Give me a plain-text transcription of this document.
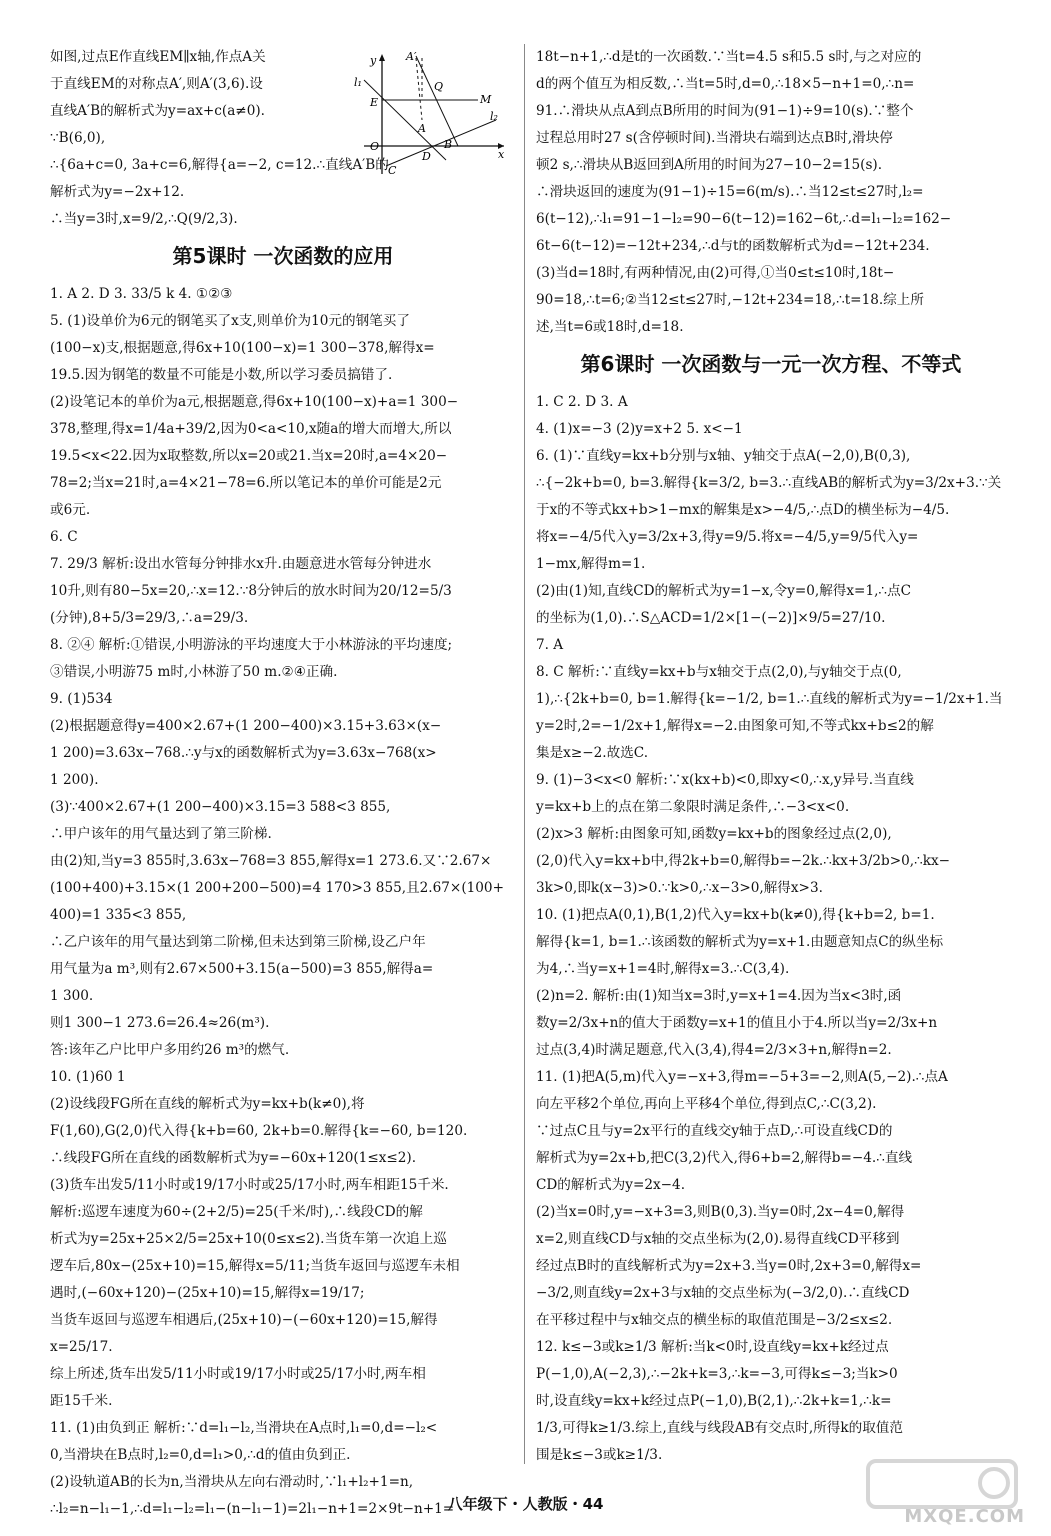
如图,过点E作直线EM∥x轴,作点A关
于直线EM的对称点A′,则A′(3,6).设
直线A′B的解析式为y=ax+c(a≠0).
∵B(6,0),
∴{6a+c=0, 3a+c=6,解得{a=−2, c=12.∴直线A′B的
解析式为y=−2x+12.
∴当y=3时,x=9/2,∴Q(9/2,3).
第5课时 一次函数的应用
1. A 2. D 3. 33/5 k 4. ①②③
5. (1)设单价为6元的钢笔买了x支,则单价为10元的钢笔买了
(100−x)支,根据题意,得6x+10(100−x)=1 300−378,解得x=
19.5.因为钢笔的数量不可能是小数,所以学习委员搞错了.
(2)设笔记本的单价为a元,根据题意,得6x+10(100−x)+a=1 300−
378,整理,得x=1/4a+39/2,因为0<a<10,x随a的增大而增大,所以
19.5<x<22.因为x取整数,所以x=20或21.当x=20时,a=4×20−
78=2;当x=21时,a=4×21−78=6.所以笔记本的单价可能是2元
或6元.
6. C
7. 29/3 解析:设出水管每分钟排水x升.由题意进水管每分钟进水
10升,则有80−5x=20,∴x=12.∵8分钟后的放水时间为20/12=5/3
(分钟),8+5/3=29/3,∴a=29/3.
8. ②④ 解析:①错误,小明游泳的平均速度大于小林游泳的平均速度;
③错误,小明游75 m时,小林游了50 m.②④正确.
9. (1)534
(2)根据题意得y=400×2.67+(1 200−400)×3.15+3.63×(x−
1 200)=3.63x−768.∴y与x的函数解析式为y=3.63x−768(x>
1 200).
(3)∵400×2.67+(1 200−400)×3.15=3 588<3 855,
∴甲户该年的用气量达到了第三阶梯.
由(2)知,当y=3 855时,3.63x−768=3 855,解得x=1 273.6.又∵2.67×
(100+400)+3.15×(1 200+200−500)=4 170>3 855,且2.67×(100+
400)=1 335<3 855,
∴乙户该年的用气量达到第二阶梯,但未达到第三阶梯,设乙户年
用气量为a m³,则有2.67×500+3.15(a−500)=3 855,解得a=
1 300.
则1 300−1 273.6=26.4≈26(m³).
答:该年乙户比甲户多用约26 m³的燃气.
10. (1)60 1
(2)设线段FG所在直线的解析式为y=kx+b(k≠0),将
F(1,60),G(2,0)代入得{k+b=60, 2k+b=0.解得{k=−60, b=120.
∴线段FG所在直线的函数解析式为y=−60x+120(1≤x≤2).
(3)货车出发5/11小时或19/17小时或25/17小时,两车相距15千米.
解析:巡逻车速度为60÷(2+2/5)=25(千米/时),∴线段CD的解
析式为y=25x+25×2/5=25x+10(0≤x≤2).当货车第一次追上巡
逻车后,80x−(25x+10)=15,解得x=5/11;当货车返回与巡逻车未相
遇时,(−60x+120)−(25x+10)=15,解得x=19/17;
当货车返回与巡逻车相遇后,(25x+10)−(−60x+120)=15,解得
x=25/17.
综上所述,货车出发5/11小时或19/17小时或25/17小时,两车相
距15千米.
11. (1)由负到正 解析:∵d=l₁−l₂,当滑块在A点时,l₁=0,d=−l₂<
0,当滑块在B点时,l₂=0,d=l₁>0,∴d的值由负到正.
(2)设轨道AB的长为n,当滑块从左向右滑动时,∵l₁+l₂+1=n,
∴l₂=n−l₁−1,∴d=l₁−l₂=l₁−(n−l₁−1)=2l₁−n+1=2×9t−n+1=
y	A′
l₁	Q
E	M
l₂
A
O
D
B
x
C
18t−n+1,∴d是t的一次函数.∵当t=4.5 s和5.5 s时,与之对应的
d的两个值互为相反数,∴当t=5时,d=0,∴18×5−n+1=0,∴n=
91.∴滑块从点A到点B所用的时间为(91−1)÷9=10(s).∵整个
过程总用时27 s(含停顿时间).当滑块右端到达点B时,滑块停
顿2 s,∴滑块从B返回到A所用的时间为27−10−2=15(s).
∴滑块返回的速度为(91−1)÷15=6(m/s).∴当12≤t≤27时,l₂=
6(t−12),∴l₁=91−1−l₂=90−6(t−12)=162−6t,∴d=l₁−l₂=162−
6t−6(t−12)=−12t+234,∴d与t的函数解析式为d=−12t+234.
(3)当d=18时,有两种情况,由(2)可得,①当0≤t≤10时,18t−
90=18,∴t=6;②当12≤t≤27时,−12t+234=18,∴t=18.综上所
述,当t=6或18时,d=18.
第6课时 一次函数与一元一次方程、不等式
1. C 2. D 3. A
4. (1)x=−3 (2)y=x+2 5. x<−1
6. (1)∵直线y=kx+b分别与x轴、y轴交于点A(−2,0),B(0,3),
∴{−2k+b=0, b=3.解得{k=3/2, b=3.∴直线AB的解析式为y=3/2x+3.∵关
于x的不等式kx+b>1−mx的解集是x>−4/5,∴点D的横坐标为−4/5.
将x=−4/5代入y=3/2x+3,得y=9/5.将x=−4/5,y=9/5代入y=
1−mx,解得m=1.
(2)由(1)知,直线CD的解析式为y=1−x,令y=0,解得x=1,∴点C
的坐标为(1,0).∴S△ACD=1/2×[1−(−2)]×9/5=27/10.
7. A
8. C 解析:∵直线y=kx+b与x轴交于点(2,0),与y轴交于点(0,
1),∴{2k+b=0, b=1.解得{k=−1/2, b=1.∴直线的解析式为y=−1/2x+1.当
y=2时,2=−1/2x+1,解得x=−2.由图象可知,不等式kx+b≤2的解
集是x≥−2.故选C.
9. (1)−3<x<0 解析:∵x(kx+b)<0,即xy<0,∴x,y异号.当直线
y=kx+b上的点在第二象限时满足条件,∴−3<x<0.
(2)x>3 解析:由图象可知,函数y=kx+b的图象经过点(2,0),
(2,0)代入y=kx+b中,得2k+b=0,解得b=−2k.∴kx+3/2b>0,∴kx−
3k>0,即k(x−3)>0.∵k>0,∴x−3>0,解得x>3.
10. (1)把点A(0,1),B(1,2)代入y=kx+b(k≠0),得{k+b=2, b=1.
解得{k=1, b=1.∴该函数的解析式为y=x+1.由题意知点C的纵坐标
为4,∴当y=x+1=4时,解得x=3.∴C(3,4).
(2)n=2. 解析:由(1)知当x=3时,y=x+1=4.因为当x<3时,函
数y=2/3x+n的值大于函数y=x+1的值且小于4.所以当y=2/3x+n
过点(3,4)时满足题意,代入(3,4),得4=2/3×3+n,解得n=2.
11. (1)把A(5,m)代入y=−x+3,得m=−5+3=−2,则A(5,−2).∴点A
向左平移2个单位,再向上平移4个单位,得到点C,∴C(3,2).
∵过点C且与y=2x平行的直线交y轴于点D,∴可设直线CD的
解析式为y=2x+b,把C(3,2)代入,得6+b=2,解得b=−4.∴直线
CD的解析式为y=2x−4.
(2)当x=0时,y=−x+3=3,则B(0,3).当y=0时,2x−4=0,解得
x=2,则直线CD与x轴的交点坐标为(2,0).易得直线CD平移到
经过点B时的直线解析式为y=2x+3.当y=0时,2x+3=0,解得x=
−3/2,则直线y=2x+3与x轴的交点坐标为(−3/2,0).∴直线CD
在平移过程中与x轴交点的横坐标的取值范围是−3/2≤x≤2.
12. k≤−3或k≥1/3 解析:当k<0时,设直线y=kx+k经过点
P(−1,0),A(−2,3),∴−2k+k=3,∴k=−3,可得k≤−3;当k>0
时,设直线y=kx+k经过点P(−1,0),B(2,1),∴2k+k=1,∴k=
1/3,可得k≥1/3.综上,直线与线段AB有交点时,所得k的取值范
围是k≤−3或k≥1/3.
八年级下・人教版・44
MXQE.COM
